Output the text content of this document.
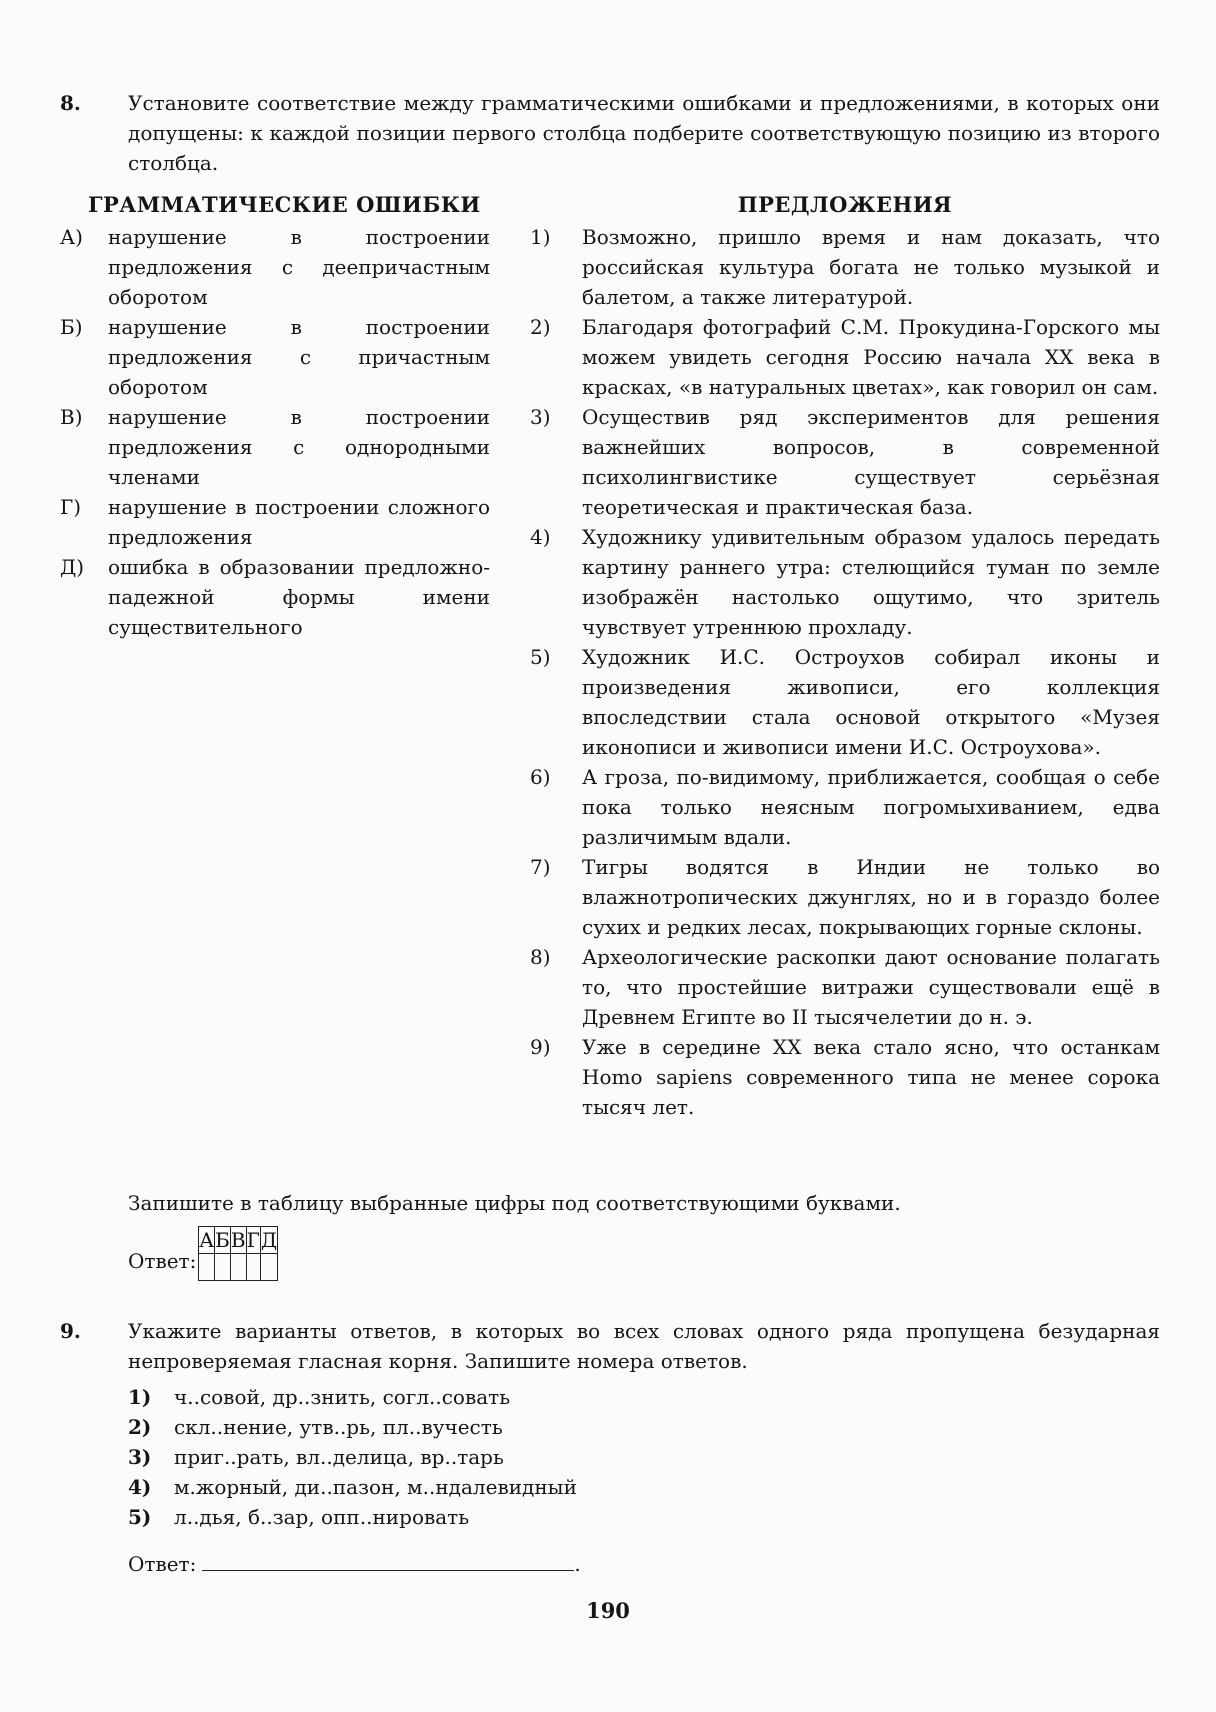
8. Установите соответствие между грамматическими ошибками и предложениями, в которых они допущены: к каждой позиции первого столбца подберите соответствующую позицию из второго столбца.
ГРАММАТИЧЕСКИЕ ОШИБКИ
А) нарушение в построении предложения с деепричастным оборотом
Б) нарушение в построении предложения с причастным оборотом
В) нарушение в построении предложения с однородными членами
Г) нарушение в построении сложного предложения
Д) ошибка в образовании предложно-падежной формы имени существительного
ПРЕДЛОЖЕНИЯ
1) Возможно, пришло время и нам доказать, что российская культура богата не только музыкой и балетом, а также литературой.
2) Благодаря фотографий С.М. Прокудина-Горского мы можем увидеть сегодня Россию начала XX века в красках, «в натуральных цветах», как говорил он сам.
3) Осуществив ряд экспериментов для решения важнейших вопросов, в современной психолингвистике существует серьёзная теоретическая и практическая база.
4) Художнику удивительным образом удалось передать картину раннего утра: стелющийся туман по земле изображён настолько ощутимо, что зритель чувствует утреннюю прохладу.
5) Художник И.С. Остроухов собирал иконы и произведения живописи, его коллекция впоследствии стала основой открытого «Музея иконописи и живописи имени И.С. Остроухова».
6) А гроза, по-видимому, приближается, сообщая о себе пока только неясным погромыхиванием, едва различимым вдали.
7) Тигры водятся в Индии не только во влажнотропических джунглях, но и в гораздо более сухих и редких лесах, покрывающих горные склоны.
8) Археологические раскопки дают основание полагать то, что простейшие витражи существовали ещё в Древнем Египте во II тысячелетии до н. э.
9) Уже в середине XX века стало ясно, что останкам Homo sapiens современного типа не менее сорока тысяч лет.
Запишите в таблицу выбранные цифры под соответствующими буквами.
Ответ:
А	Б	В	Г	Д

9. Укажите варианты ответов, в которых во всех словах одного ряда пропущена безударная непроверяемая гласная корня. Запишите номера ответов.
1) ч..совой, др..знить, согл..совать
2) скл..нение, утв..рь, пл..вучесть
3) приг..рать, вл..делица, вр..тарь
4) м.жорный, ди..пазон, м..ндалевидный
5) л..дья, б..зар, опп..нировать
Ответ:	.
190
